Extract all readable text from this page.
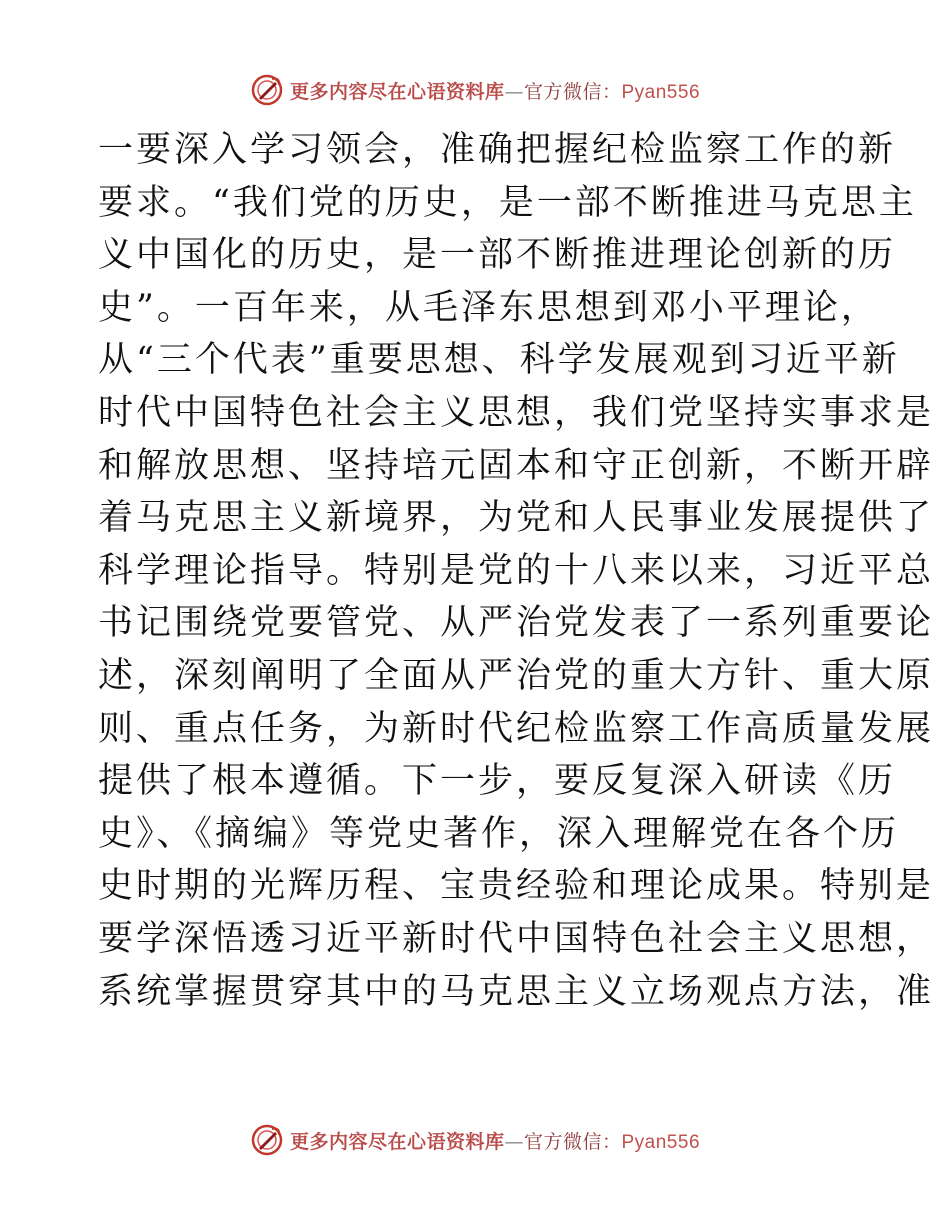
更多内容尽在心语资料库—官方微信：Pyan556
一要深入学习领会，准确把握纪检监察工作的新
要求。“我们党的历史，是一部不断推进马克思主
义中国化的历史，是一部不断推进理论创新的历
史”。一百年来，从毛泽东思想到邓小平理论，
从“三个代表”重要思想、科学发展观到习近平新
时代中国特色社会主义思想，我们党坚持实事求是
和解放思想、坚持培元固本和守正创新，不断开辟
着马克思主义新境界，为党和人民事业发展提供了
科学理论指导。特别是党的十八来以来，习近平总
书记围绕党要管党、从严治党发表了一系列重要论
述，深刻阐明了全面从严治党的重大方针、重大原
则、重点任务，为新时代纪检监察工作高质量发展
提供了根本遵循。下一步，要反复深入研读《历
史》、《摘编》等党史著作，深入理解党在各个历
史时期的光辉历程、宝贵经验和理论成果。特别是
要学深悟透习近平新时代中国特色社会主义思想，
系统掌握贯穿其中的马克思主义立场观点方法，准
更多内容尽在心语资料库—官方微信：Pyan556
